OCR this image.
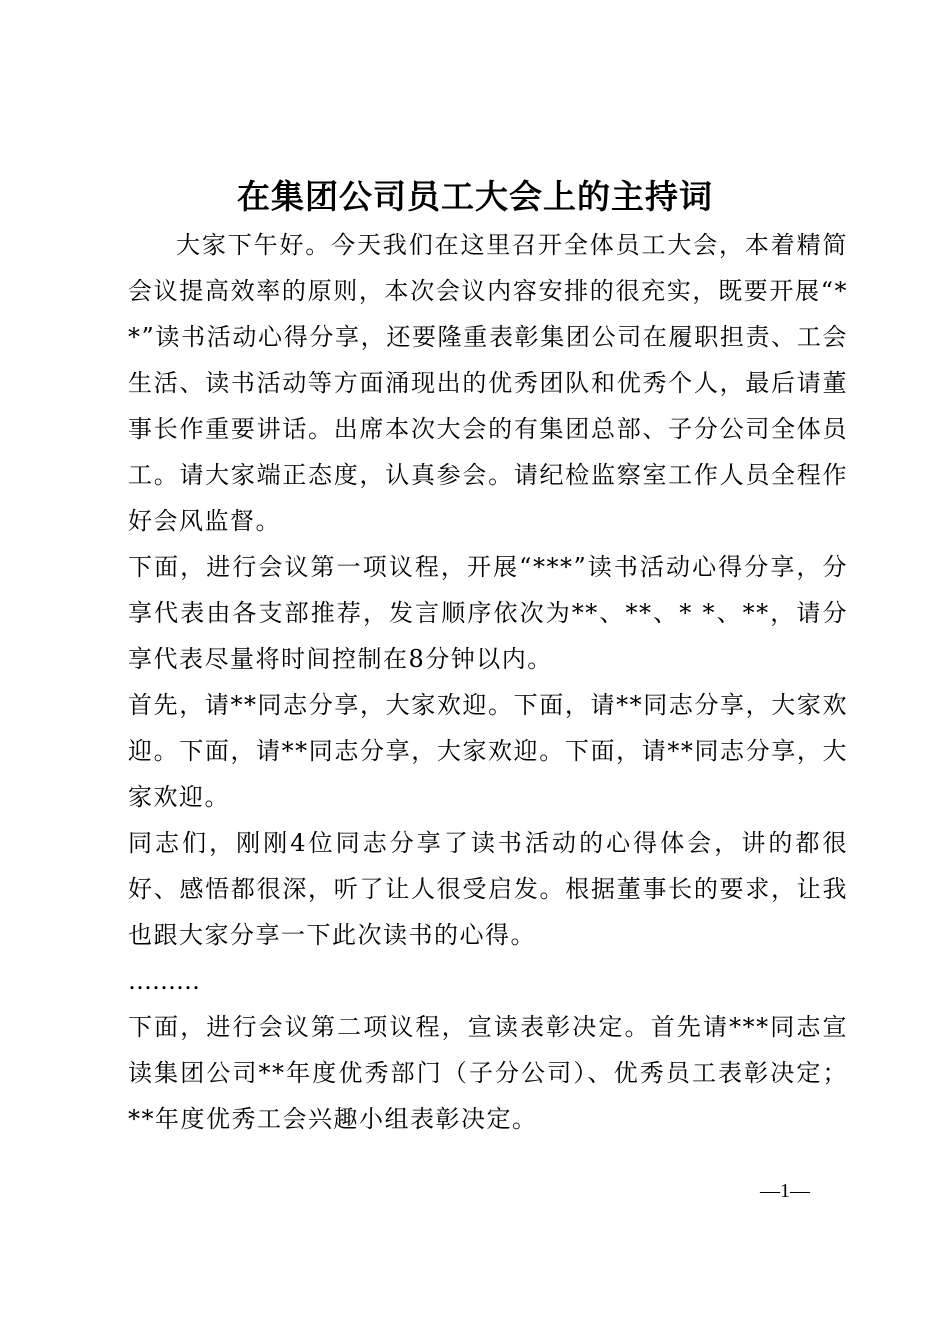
在集团公司员工大会上的主持词

大家下午好。今天我们在这里召开全体员工大会，本着精简会议提高效率的原则，本次会议内容安排的很充实，既要开展“**”读书活动心得分享，还要隆重表彰集团公司在履职担责、工会生活、读书活动等方面涌现出的优秀团队和优秀个人，最后请董事长作重要讲话。出席本次大会的有集团总部、子分公司全体员工。请大家端正态度，认真参会。请纪检监察室工作人员全程作好会风监督。

下面，进行会议第一项议程，开展“***”读书活动心得分享，分享代表由各支部推荐，发言顺序依次为**、**、* *、**，请分享代表尽量将时间控制在8分钟以内。

首先，请**同志分享，大家欢迎。下面，请**同志分享，大家欢迎。下面，请**同志分享，大家欢迎。下面，请**同志分享，大家欢迎。

同志们，刚刚4位同志分享了读书活动的心得体会，讲的都很好、感悟都很深，听了让人很受启发。根据董事长的要求，让我也跟大家分享一下此次读书的心得。

………

下面，进行会议第二项议程，宣读表彰决定。首先请***同志宣读集团公司**年度优秀部门（子分公司）、优秀员工表彰决定； **年度优秀工会兴趣小组表彰决定。

—1—
